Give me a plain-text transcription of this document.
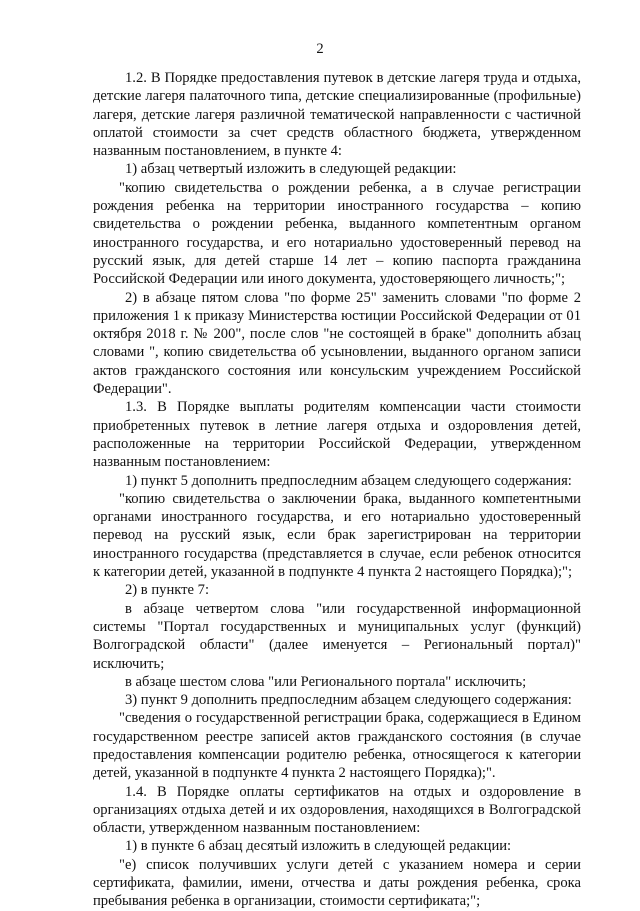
2

1.2. В Порядке предоставления путевок в детские лагеря труда и отдыха, детские лагеря палаточного типа, детские специализированные (профильные) лагеря, детские лагеря различной тематической направленности с частичной оплатой стоимости за счет средств областного бюджета, утвержденном названным постановлением, в пункте 4:

1) абзац четвертый изложить в следующей редакции:

"копию свидетельства о рождении ребенка, а в случае регистрации рождения ребенка на территории иностранного государства – копию свидетельства о рождении ребенка, выданного компетентным органом иностранного государства, и его нотариально удостоверенный перевод на русский язык, для детей старше 14 лет – копию паспорта гражданина Российской Федерации или иного документа, удостоверяющего личность;";

2) в абзаце пятом слова "по форме 25" заменить словами "по форме 2 приложения 1 к приказу Министерства юстиции Российской Федерации от 01 октября 2018 г. № 200", после слов "не состоящей в браке" дополнить абзац словами ", копию свидетельства об усыновлении, выданного органом записи актов гражданского состояния или консульским учреждением Российской Федерации".

1.3. В Порядке выплаты родителям компенсации части стоимости приобретенных путевок в летние лагеря отдыха и оздоровления детей, расположенные на территории Российской Федерации, утвержденном названным постановлением:

1) пункт 5 дополнить предпоследним абзацем следующего содержания:

"копию свидетельства о заключении брака, выданного компетентными органами иностранного государства, и его нотариально удостоверенный перевод на русский язык, если брак зарегистрирован на территории иностранного государства (представляется в случае, если ребенок относится к категории детей, указанной в подпункте 4 пункта 2 настоящего Порядка);";

2) в пункте 7:

в абзаце четвертом слова "или государственной информационной системы "Портал государственных и муниципальных услуг (функций) Волгоградской области" (далее именуется – Региональный портал)" исключить;

в абзаце шестом слова "или Регионального портала" исключить;

3) пункт 9 дополнить предпоследним абзацем следующего содержания:

"сведения о государственной регистрации брака, содержащиеся в Едином государственном реестре записей актов гражданского состояния (в случае предоставления компенсации родителю ребенка, относящегося к категории детей, указанной в подпункте 4 пункта 2 настоящего Порядка);".

1.4. В Порядке оплаты сертификатов на отдых и оздоровление в организациях отдыха детей и их оздоровления, находящихся в Волгоградской области, утвержденном названным постановлением:

1) в пункте 6 абзац десятый изложить в следующей редакции:

"е) список получивших услуги детей с указанием номера и серии сертификата, фамилии, имени, отчества и даты рождения ребенка, срока пребывания ребенка в организации, стоимости сертификата;";
